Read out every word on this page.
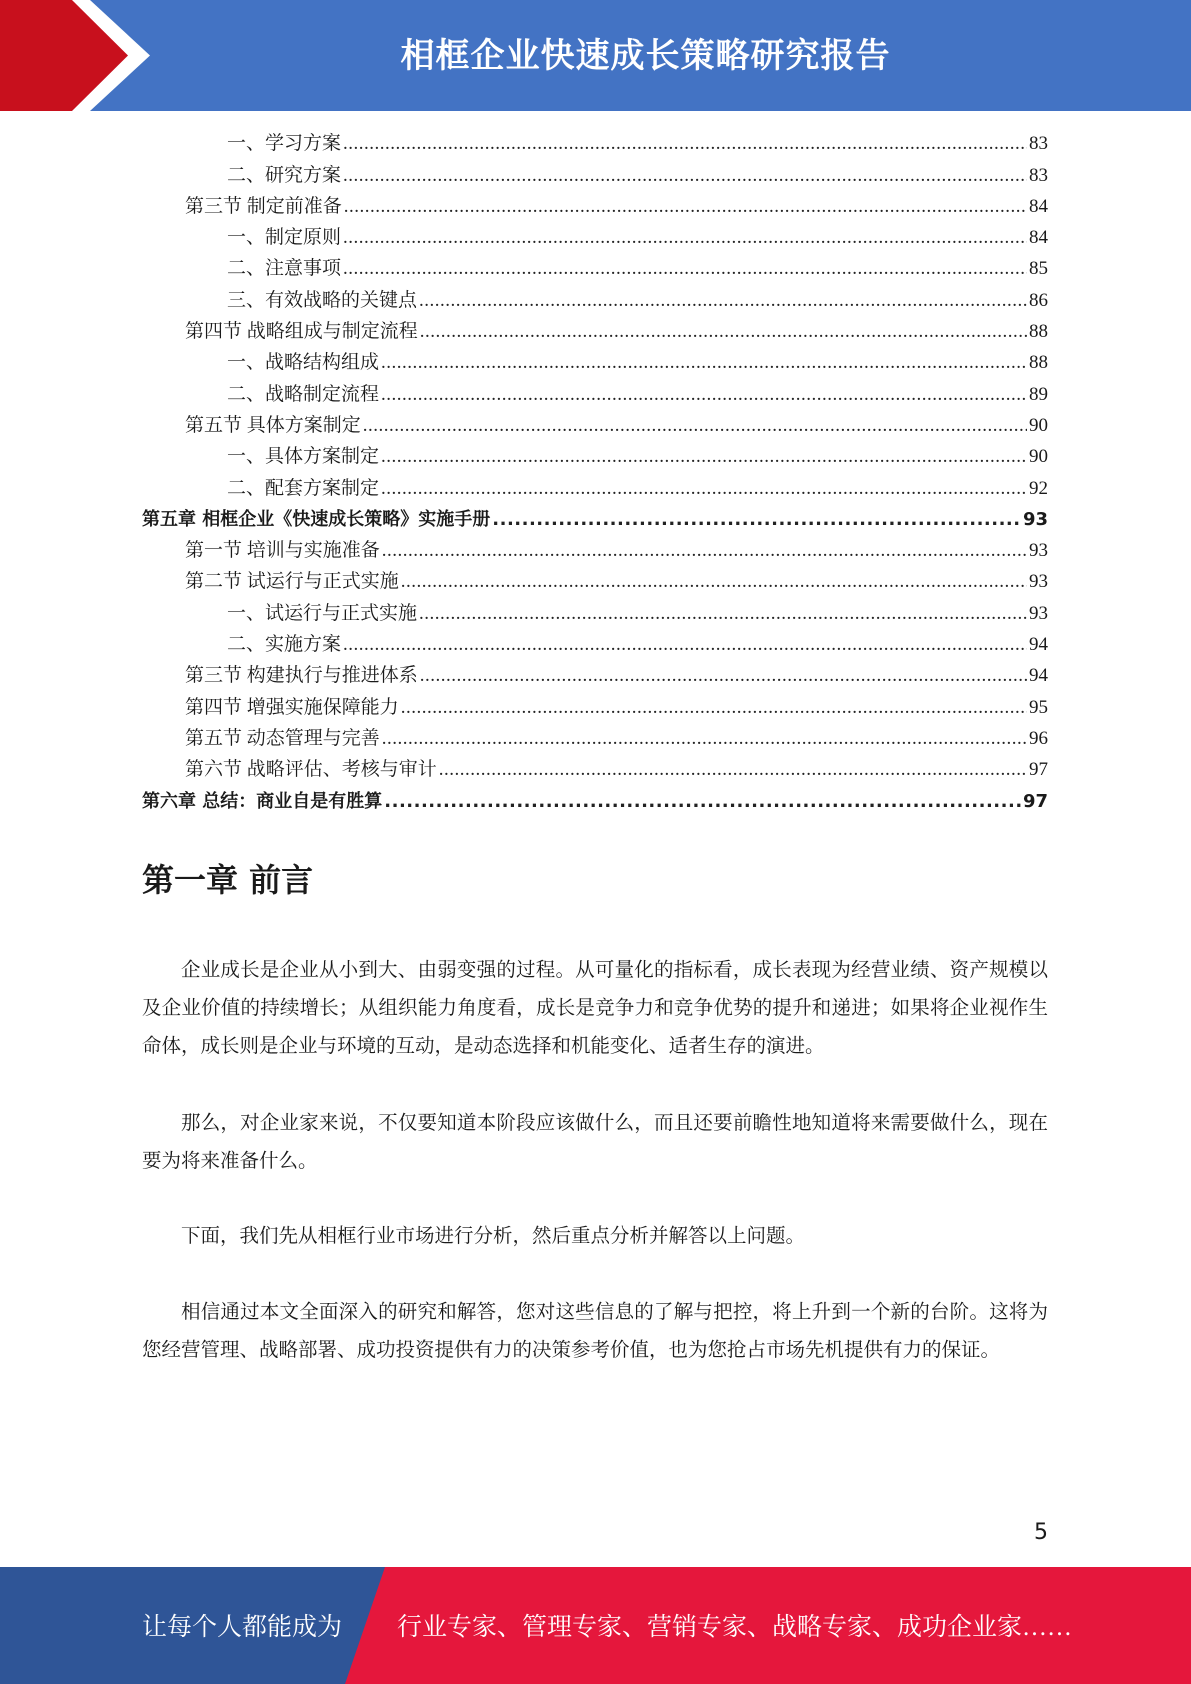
相框企业快速成长策略研究报告
一、学习方案 .....	83
二、研究方案 .....	83
第三节 制定前准备 .....	84
一、制定原则 .....	84
二、注意事项 .....	85
三、有效战略的关键点 .....	86
第四节 战略组成与制定流程 .....	88
一、战略结构组成 .....	88
二、战略制定流程 .....	89
第五节 具体方案制定 .....	90
一、具体方案制定 .....	90
二、配套方案制定 .....	92
第五章 相框企业《快速成长策略》实施手册 .....	93
第一节 培训与实施准备 .....	93
第二节 试运行与正式实施 .....	93
一、试运行与正式实施 .....	93
二、实施方案 .....	94
第三节 构建执行与推进体系 .....	94
第四节 增强实施保障能力 .....	95
第五节 动态管理与完善 .....	96
第六节 战略评估、考核与审计 .....	97
第六章 总结：商业自是有胜算 .....	97
第一章 前言

企业成长是企业从小到大、由弱变强的过程。从可量化的指标看，成长表现为经营业绩、资产规模以及企业价值的持续增长；从组织能力角度看，成长是竞争力和竞争优势的提升和递进；如果将企业视作生命体，成长则是企业与环境的互动，是动态选择和机能变化、适者生存的演进。

那么，对企业家来说，不仅要知道本阶段应该做什么，而且还要前瞻性地知道将来需要做什么，现在要为将来准备什么。

下面，我们先从相框行业市场进行分析，然后重点分析并解答以上问题。

相信通过本文全面深入的研究和解答，您对这些信息的了解与把控，将上升到一个新的台阶。这将为您经营管理、战略部署、成功投资提供有力的决策参考价值，也为您抢占市场先机提供有力的保证。

5
让每个人都能成为 行业专家、管理专家、营销专家、战略专家、成功企业家……
